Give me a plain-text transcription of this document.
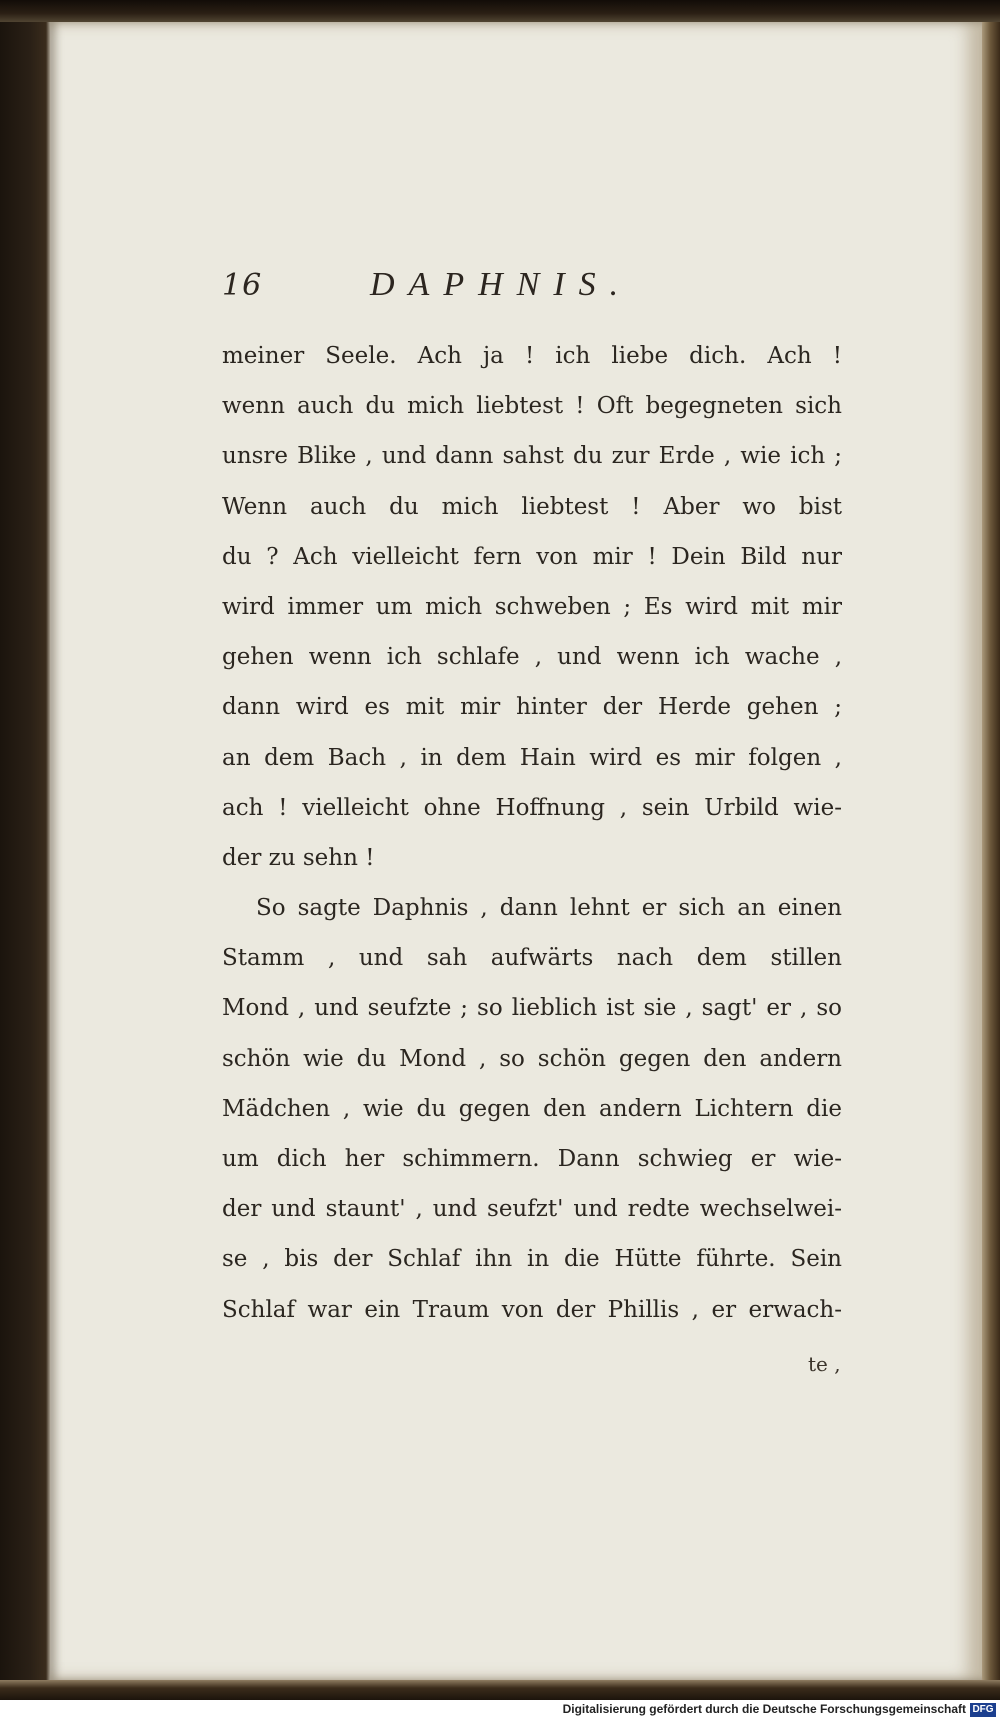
16	DAPHNIS.
meiner Seele. Ach ja ! ich liebe dich. Ach !
wenn auch du mich liebtest ! Oft begegneten sich
unsre Blike , und dann sahst du zur Erde , wie ich ;
Wenn auch du mich liebtest ! Aber wo bist
du ? Ach vielleicht fern von mir ! Dein Bild nur
wird immer um mich schweben ; Es wird mit mir
gehen wenn ich schlafe , und wenn ich wache ,
dann wird es mit mir hinter der Herde gehen ;
an dem Bach , in dem Hain wird es mir folgen ,
ach ! vielleicht ohne Hoffnung , sein Urbild wie-
der zu sehn !
So sagte Daphnis , dann lehnt er sich an einen
Stamm , und sah aufwärts nach dem stillen
Mond , und seufzte ; so lieblich ist sie , sagt' er , so
schön wie du Mond , so schön gegen den andern
Mädchen , wie du gegen den andern Lichtern die
um dich her schimmern. Dann schwieg er wie-
der und staunt' , und seufzt' und redte wechselwei-
se , bis der Schlaf ihn in die Hütte führte. Sein
Schlaf war ein Traum von der Phillis , er erwach-
te ,
Digitalisierung gefördert durch die Deutsche Forschungsgemeinschaft DFG
